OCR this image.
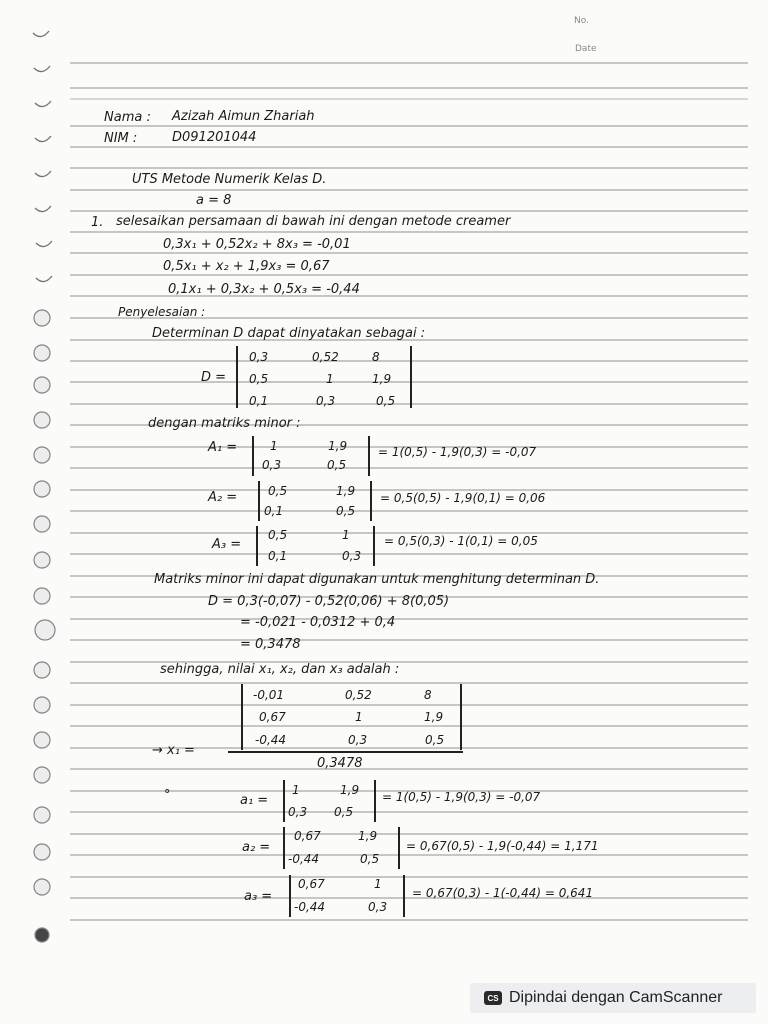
No.
Date
Nama : Azizah Aimun Zhariah
NIM :	D091201044
UTS Metode Numerik Kelas D.
a = 8
1. selesaikan persamaan di bawah ini dengan metode creamer
0,3x₁ + 0,52x₂ + 8x₃ = -0,01
0,5x₁ + x₂ + 1,9x₃ = 0,67
0,1x₁ + 0,3x₂ + 0,5x₃ = -0,44
Penyelesaian :
Determinan D dapat dinyatakan sebagai :
D =
0,3	0,52	8
0,5	1	1,9
0,1	0,3	0,5
dengan matriks minor :
A₁ =	1	1,9
0,3	0,5
= 1(0,5) - 1,9(0,3) = -0,07
A₂ =	0,5	1,9
0,1	0,5
= 0,5(0,5) - 1,9(0,1) = 0,06
A₃ =
0,5	1
0,1	0,3
= 0,5(0,3) - 1(0,1) = 0,05
Matriks minor ini dapat digunakan untuk menghitung determinan D.
D = 0,3(-0,07) - 0,52(0,06) + 8(0,05)
= -0,021 - 0,0312 + 0,4
= 0,3478
sehingga, nilai x₁, x₂, dan x₃ adalah :
→ x₁ =
-0,01	0,52	8
0,67	1	1,9
-0,44	0,3	0,5
0,3478
°	a₁ =
1	1,9
0,3 0,5
= 1(0,5) - 1,9(0,3) = -0,07
a₂ =
0,67	1,9
-0,44	0,5
= 0,67(0,5) - 1,9(-0,44) = 1,171
a₃ =
0,67	1
-0,44	0,3
= 0,67(0,3) - 1(-0,44) = 0,641
CS Dipindai dengan CamScanner
